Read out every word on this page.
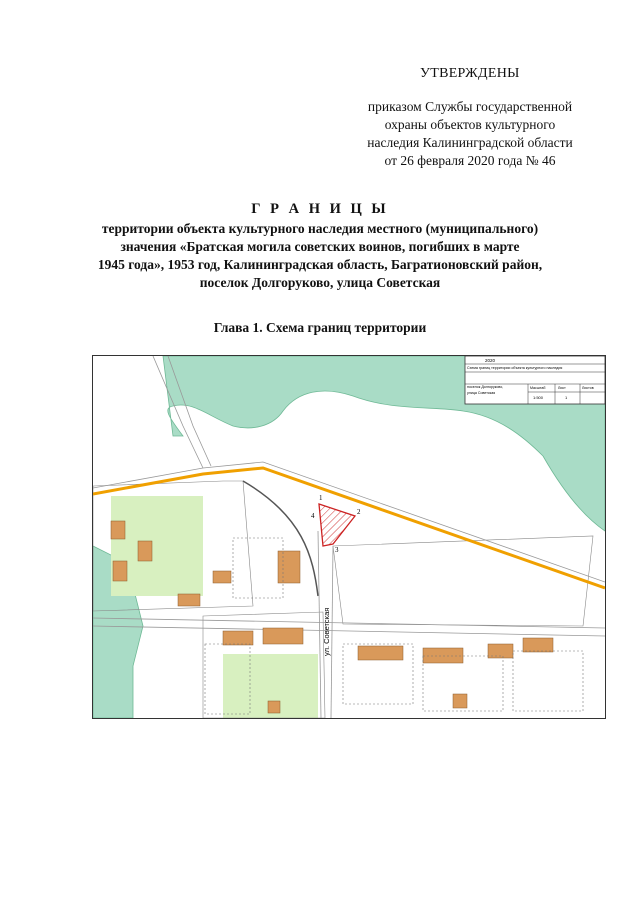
УТВЕРЖДЕНЫ
приказом Службы государственной
охраны объектов культурного
наследия Калининградской области
от 26 февраля 2020 года № 46
Г Р А Н И Ц Ы
территории объекта культурного наследия местного (муниципального)
значения «Братская могила советских воинов, погибших в марте
1945 года», 1953 год, Калининградская область, Багратионовский район,
поселок Долгоруково, улица Советская
Глава 1. Схема границ территории
1
2
3
4
ул. Советская
2020
Схема границ территории объекта культурного наследия
поселок Долгоруково,
улица Советская
Масштаб	Лист	Листов
1:500	1
